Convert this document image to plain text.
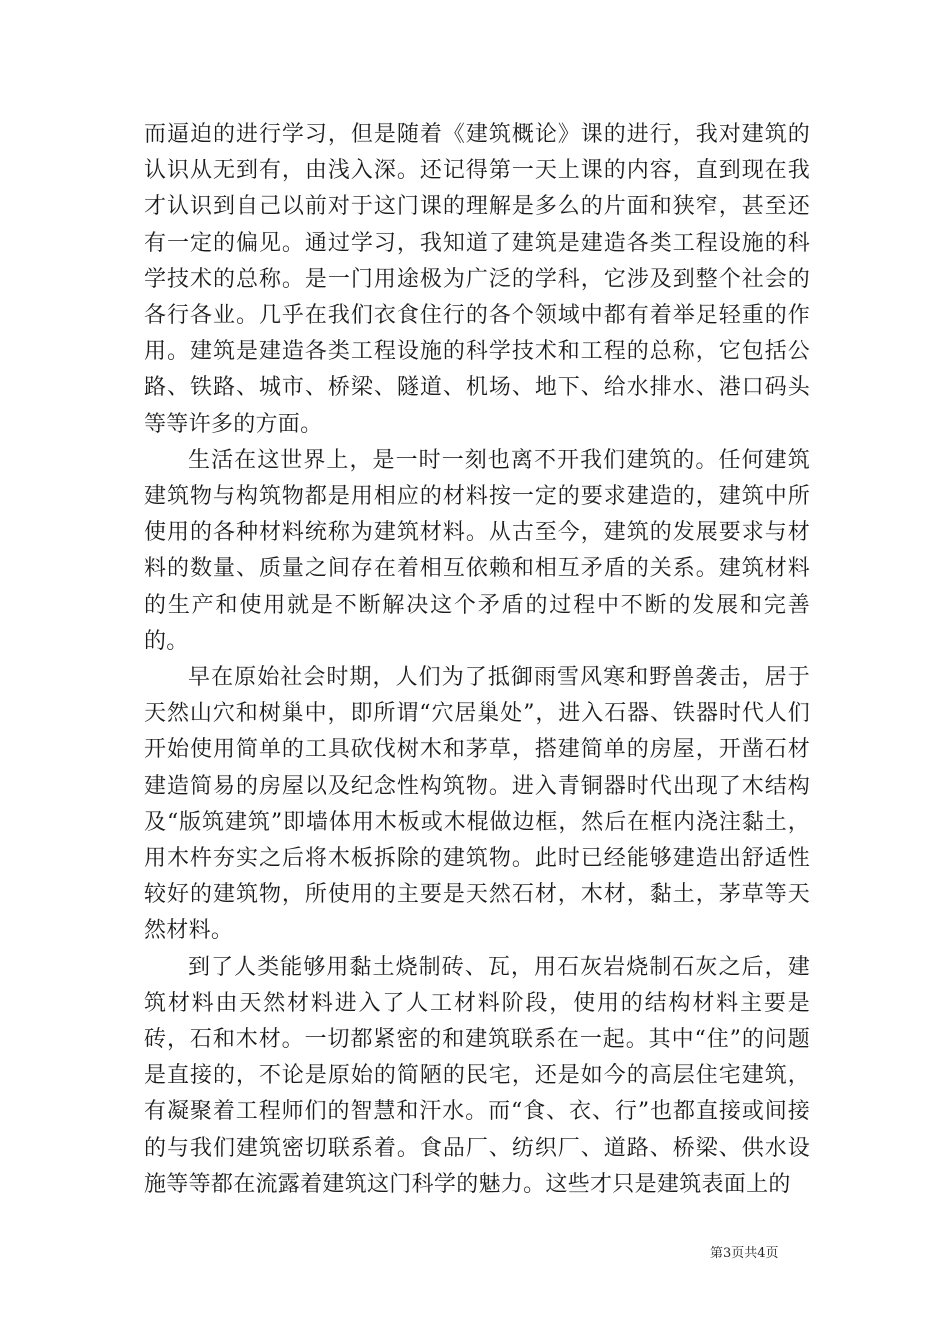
而逼迫的进行学习，但是随着《建筑概论》课的进行，我对建筑的认识从无到有，由浅入深。还记得第一天上课的内容，直到现在我才认识到自己以前对于这门课的理解是多么的片面和狭窄，甚至还有一定的偏见。通过学习，我知道了建筑是建造各类工程设施的科学技术的总称。是一门用途极为广泛的学科，它涉及到整个社会的各行各业。几乎在我们衣食住行的各个领域中都有着举足轻重的作用。建筑是建造各类工程设施的科学技术和工程的总称，它包括公路、铁路、城市、桥梁、隧道、机场、地下、给水排水、港口码头等等许多的方面。

生活在这世界上，是一时一刻也离不开我们建筑的。任何建筑建筑物与构筑物都是用相应的材料按一定的要求建造的，建筑中所使用的各种材料统称为建筑材料。从古至今，建筑的发展要求与材料的数量、质量之间存在着相互依赖和相互矛盾的关系。建筑材料的生产和使用就是不断解决这个矛盾的过程中不断的发展和完善的。

早在原始社会时期，人们为了抵御雨雪风寒和野兽袭击，居于天然山穴和树巢中，即所谓“穴居巢处”，进入石器、铁器时代人们开始使用简单的工具砍伐树木和茅草，搭建简单的房屋，开凿石材建造简易的房屋以及纪念性构筑物。进入青铜器时代出现了木结构及“版筑建筑”即墙体用木板或木棍做边框，然后在框内浇注黏土，用木杵夯实之后将木板拆除的建筑物。此时已经能够建造出舒适性较好的建筑物，所使用的主要是天然石材，木材，黏土，茅草等天然材料。

到了人类能够用黏土烧制砖、瓦，用石灰岩烧制石灰之后，建筑材料由天然材料进入了人工材料阶段，使用的结构材料主要是砖，石和木材。一切都紧密的和建筑联系在一起。其中“住”的问题是直接的，不论是原始的简陋的民宅，还是如今的高层住宅建筑，有凝聚着工程师们的智慧和汗水。而“食、衣、行”也都直接或间接的与我们建筑密切联系着。食品厂、纺织厂、道路、桥梁、供水设施等等都在流露着建筑这门科学的魅力。这些才只是建筑表面上的

第3页共4页
